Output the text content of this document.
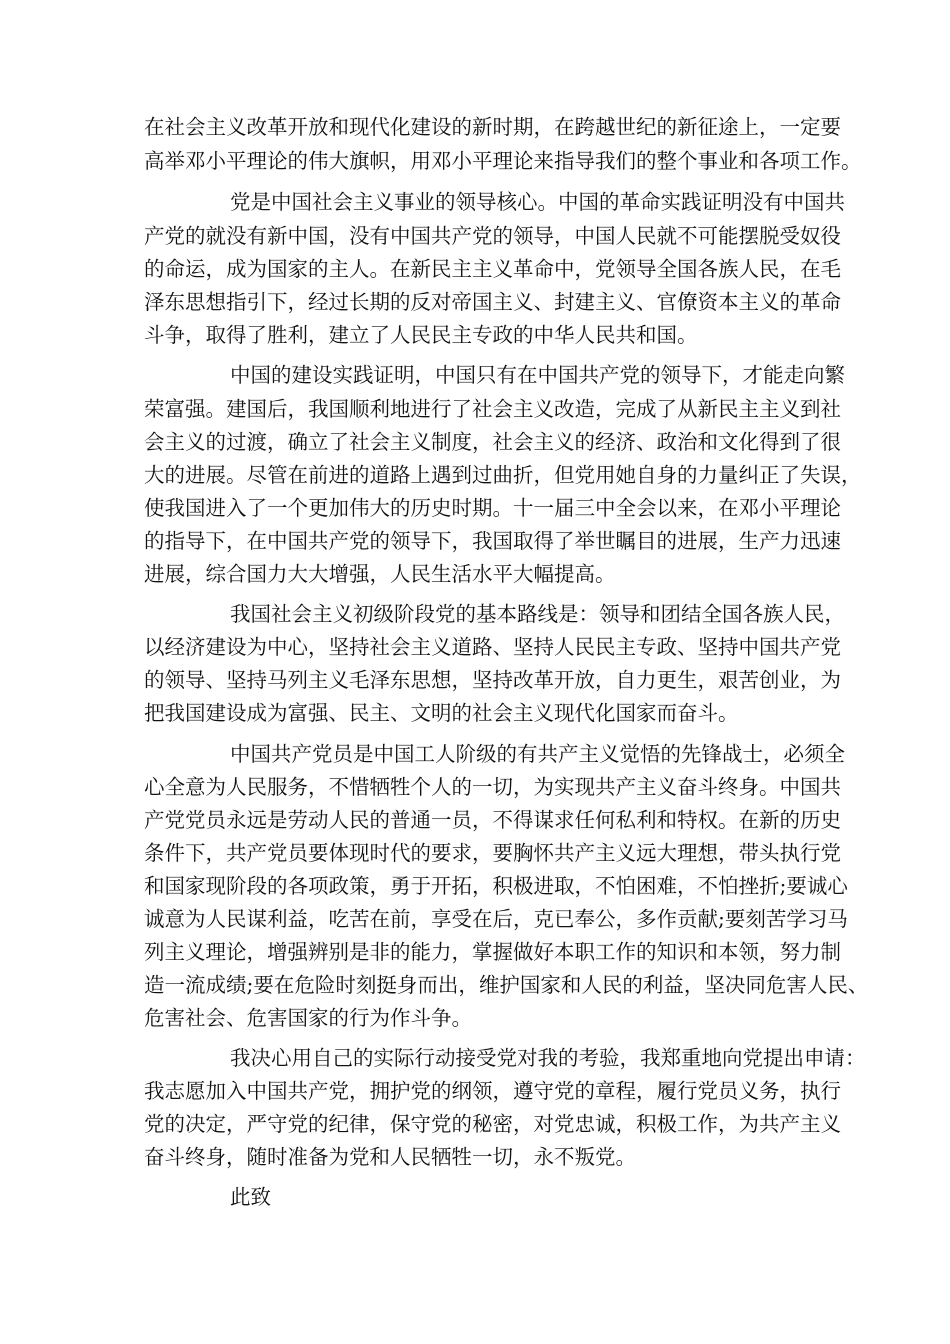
在社会主义改革开放和现代化建设的新时期，在跨越世纪的新征途上，一定要

高举邓小平理论的伟大旗帜，用邓小平理论来指导我们的整个事业和各项工作。

党是中国社会主义事业的领导核心。中国的革命实践证明没有中国共

产党的就没有新中国，没有中国共产党的领导，中国人民就不可能摆脱受奴役

的命运，成为国家的主人。在新民主主义革命中，党领导全国各族人民，在毛

泽东思想指引下，经过长期的反对帝国主义、封建主义、官僚资本主义的革命

斗争，取得了胜利，建立了人民民主专政的中华人民共和国。

中国的建设实践证明，中国只有在中国共产党的领导下，才能走向繁

荣富强。建国后，我国顺利地进行了社会主义改造，完成了从新民主主义到社

会主义的过渡，确立了社会主义制度，社会主义的经济、政治和文化得到了很

大的进展。尽管在前进的道路上遇到过曲折，但党用她自身的力量纠正了失误，

使我国进入了一个更加伟大的历史时期。十一届三中全会以来，在邓小平理论

的指导下，在中国共产党的领导下，我国取得了举世瞩目的进展，生产力迅速

进展，综合国力大大增强，人民生活水平大幅提高。

我国社会主义初级阶段党的基本路线是：领导和团结全国各族人民，

以经济建设为中心，坚持社会主义道路、坚持人民民主专政、坚持中国共产党

的领导、坚持马列主义毛泽东思想，坚持改革开放，自力更生，艰苦创业，为

把我国建设成为富强、民主、文明的社会主义现代化国家而奋斗。

中国共产党员是中国工人阶级的有共产主义觉悟的先锋战士，必须全

心全意为人民服务，不惜牺牲个人的一切，为实现共产主义奋斗终身。中国共

产党党员永远是劳动人民的普通一员，不得谋求任何私利和特权。在新的历史

条件下，共产党员要体现时代的要求，要胸怀共产主义远大理想，带头执行党

和国家现阶段的各项政策，勇于开拓，积极进取，不怕困难，不怕挫折;要诚心

诚意为人民谋利益，吃苦在前，享受在后，克已奉公，多作贡献;要刻苦学习马

列主义理论，增强辨别是非的能力，掌握做好本职工作的知识和本领，努力制

造一流成绩;要在危险时刻挺身而出，维护国家和人民的利益，坚决同危害人民、

危害社会、危害国家的行为作斗争。

我决心用自己的实际行动接受党对我的考验，我郑重地向党提出申请：

我志愿加入中国共产党，拥护党的纲领，遵守党的章程，履行党员义务，执行

党的决定，严守党的纪律，保守党的秘密，对党忠诚，积极工作，为共产主义

奋斗终身，随时准备为党和人民牺牲一切，永不叛党。

此致
